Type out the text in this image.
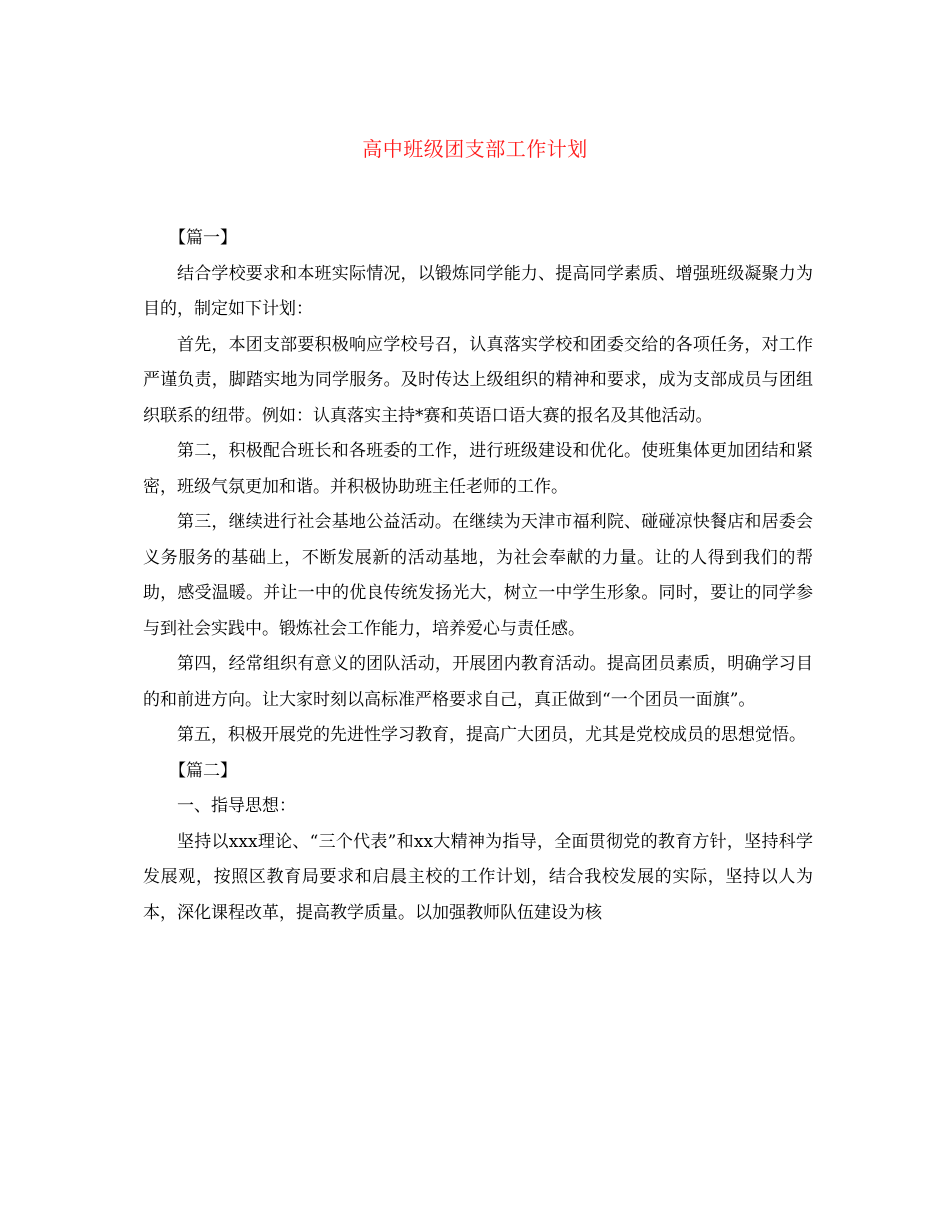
高中班级团支部工作计划

【篇一】

结合学校要求和本班实际情况，以锻炼同学能力、提高同学素质、增强班级凝聚力为目的，制定如下计划：

首先，本团支部要积极响应学校号召，认真落实学校和团委交给的各项任务，对工作严谨负责，脚踏实地为同学服务。及时传达上级组织的精神和要求，成为支部成员与团组织联系的纽带。例如：认真落实主持*赛和英语口语大赛的报名及其他活动。

第二，积极配合班长和各班委的工作，进行班级建设和优化。使班集体更加团结和紧密，班级气氛更加和谐。并积极协助班主任老师的工作。

第三，继续进行社会基地公益活动。在继续为天津市福利院、碰碰凉快餐店和居委会义务服务的基础上，不断发展新的活动基地，为社会奉献的力量。让的人得到我们的帮助，感受温暖。并让一中的优良传统发扬光大，树立一中学生形象。同时，要让的同学参与到社会实践中。锻炼社会工作能力，培养爱心与责任感。

第四，经常组织有意义的团队活动，开展团内教育活动。提高团员素质，明确学习目的和前进方向。让大家时刻以高标准严格要求自己，真正做到“一个团员一面旗”。

第五，积极开展党的先进性学习教育，提高广大团员，尤其是党校成员的思想觉悟。

【篇二】

一、指导思想：

坚持以xxx理论、“三个代表”和xx大精神为指导，全面贯彻党的教育方针，坚持科学发展观，按照区教育局要求和启晨主校的工作计划，结合我校发展的实际，坚持以人为本，深化课程改革，提高教学质量。以加强教师队伍建设为核
